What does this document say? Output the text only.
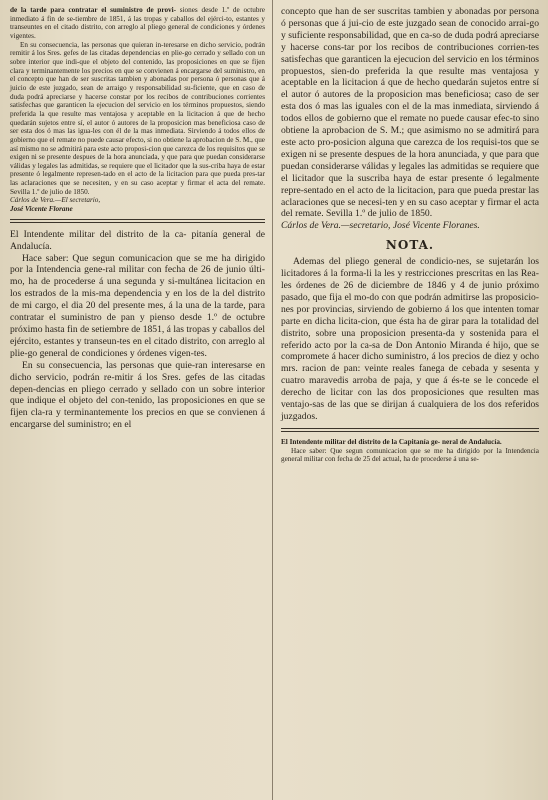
de la tarde para contratar el suministro de provi- siones desde 1.º de octubre inmediato á fin de se-tiembre de 1851, á las tropas y caballos del ejérci-to, estantes y transeuntes en el citado distrito, con arreglo al pliego general de condiciones y órdenes vigentes.

En su consecuencia, las personas que quieran in-teresarse en dicho servicio, podrán remitir á los Sres. gefes de las citadas dependencias en plie-go cerrado y sellado con un sobre interior que indi-que el objeto del contenido, las proposiciones en que se fijen clara y terminantemente los precios en que se convienen á encargarse del suministro, en el concepto que han de ser suscritas tambien y abonadas por persona ó personas que á juicio de este juzgado, sean de arraigo y responsabilidad su-ficiente, que en caso de duda podrá apreciarse y hacerse constar por los recibos de contribuciones corrientes satisfechas que garanticen la ejecucion del servicio en los términos propuestos, siendo preferida la que resulte mas ventajosa y aceptable en la licitacion á que de hecho quedarán sujetos entre sí, el autor ó autores de la proposicion mas beneficiosa caso de ser esta dos ó mas las igua-les con él de la mas inmediata. Sirviendo á todos ellos de gobierno que el remate no puede causar efecto, si no obtiene la aprobacion de S. M., que así mismo no se admitirá para este acto proposi-cion que carezca de los requisitos que se exigen ni se presente despues de la hora anunciada, y que para que puedan considerarse válidas y legales las admitidas, se requiere que el licitador que la sus-criba haya de estar presente ó legalmente represen-tado en el acto de la licitacion para que pueda pres-tar las aclaraciones que se necesiten, y en su caso aceptar y firmar el acta del remate. Sevilla 1.º de julio de 1850.

Cárlos de Vera.—El secretario,
José Vicente Florane

El Intendente militar del distrito de la ca- pitanía general de Andalucía.

Hace saber: Que segun comunicacion que se me ha dirigido por la Intendencia gene-ral militar con fecha de 26 de junio últi-mo, ha de procederse á una segunda y si-multánea licitacion en los estrados de la mis-ma dependencia y en los de la del distrito de mi cargo, el dia 20 del presente mes, á la una de la tarde, para contratar el suministro de pan y pienso desde 1.º de octubre próximo hasta fin de setiembre de 1851, á las tropas y caballos del ejército, estantes y transeun-tes en el citado distrito, con arreglo al plie-go general de condiciones y órdenes vigen-tes.

En su consecuencia, las personas que quie-ran interesarse en dicho servicio, podrán re-mitir á los Sres. gefes de las citadas depen-dencias en pliego cerrado y sellado con un sobre interior que indique el objeto del con-tenido, las proposiciones en que se fijen cla-ra y terminantemente los precios en que se convienen á encargarse del suministro; en el

concepto que han de ser suscritas tambien y abonadas por persona ó personas que á jui-cio de este juzgado sean de conocido arrai-go y suficiente responsabilidad, que en ca-so de duda podrá apreciarse y hacerse cons-tar por los recibos de contribuciones corrien-tes satisfechas que garanticen la ejecucion del servicio en los términos propuestos, sien-do preferida la que resulte mas ventajosa y aceptable en la licitacion á que de hecho quedarán sujetos entre sí el autor ó autores de la proposicion mas beneficiosa; caso de ser esta dos ó mas las iguales con el de la mas inmediata, sirviendo á todos ellos de gobierno que el remate no puede causar efec-to sino obtiene la aprobacion de S. M.; que asimismo no se admitirá para este acto pro-posicion alguna que carezca de los requisi-tos que se exigen ni se presente despues de la hora anunciada, y que para que puedan considerarse válidas y legales las admitidas se requiere que el licitador que la suscriba haya de estar presente ó legalmente repre-sentado en el acto de la licitacion, para que pueda prestar las aclaraciones que se necesi-ten y en su caso aceptar y firmar el acta del remate. Sevilla 1.º de julio de 1850.

Cárlos de Vera.—secretario, José Vicente Floranes.

NOTA.

Ademas del pliego general de condicio-nes, se sujetarán los licitadores á la forma-li la les y restricciones prescritas en las Rea-les órdenes de 26 de diciembre de 1846 y 4 de junio próximo pasado, que fija el mo-do con que podrán admitirse las proposicio-nes por provincias, sirviendo de gobierno á los que intenten tomar parte en dicha licita-cion, que ésta ha de girar para la totalidad del distrito, sobre una proposicion presenta-da y sostenida para el referido acto por la ca-sa de Don Antonio Miranda é hijo, que se compromete á hacer dicho suministro, á los precios de diez y ocho mrs. racion de pan: veinte reales fanega de cebada y sesenta y cuatro maravedis arroba de paja, y que á és-te se le concede el derecho de licitar con las dos proposiciones que resulten mas ventajo-sas de las que se dirijan á cualquiera de los dos referidos juzgados.

El Intendente militar del distrito de la Capitanía ge- neral de Andalucía.

Hace saber: Que segun comunicacion que se me ha dirigido por la Intendencia general militar con fecha de 25 del actual, ha de procederse á una se-
